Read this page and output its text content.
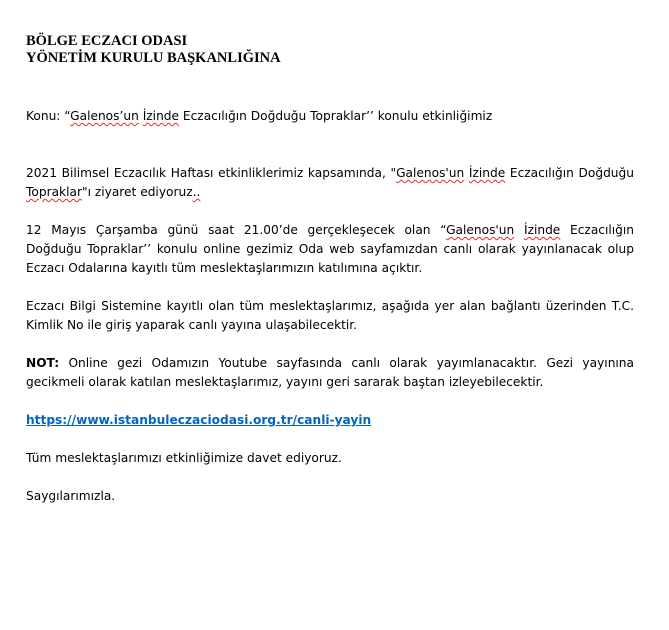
BÖLGE ECZACI ODASI
YÖNETİM KURULU BAŞKANLIĞINA

Konu: “Galenos’un İzinde Eczacılığın Doğduğu Topraklar’’ konulu etkinliğimiz

2021 Bilimsel Eczacılık Haftası etkinliklerimiz kapsamında, "Galenos'un İzinde Eczacılığın Doğduğu Topraklar"ı ziyaret ediyoruz..

12 Mayıs Çarşamba günü saat 21.00’de gerçekleşecek olan “Galenos'un İzinde Eczacılığın Doğduğu Topraklar’’ konulu online gezimiz Oda web sayfamızdan canlı olarak yayınlanacak olup Eczacı Odalarına kayıtlı tüm meslektaşlarımızın katılımına açıktır.

Eczacı Bilgi Sistemine kayıtlı olan tüm meslektaşlarımız, aşağıda yer alan bağlantı üzerinden T.C. Kimlik No ile giriş yaparak canlı yayına ulaşabilecektir.

NOT: Online gezi Odamızın Youtube sayfasında canlı olarak yayımlanacaktır. Gezi yayınına gecikmeli olarak katılan meslektaşlarımız, yayını geri sararak baştan izleyebilecektir.

https://www.istanbuleczaciodasi.org.tr/canli-yayin

Tüm meslektaşlarımızı etkinliğimize davet ediyoruz.

Saygılarımızla.
